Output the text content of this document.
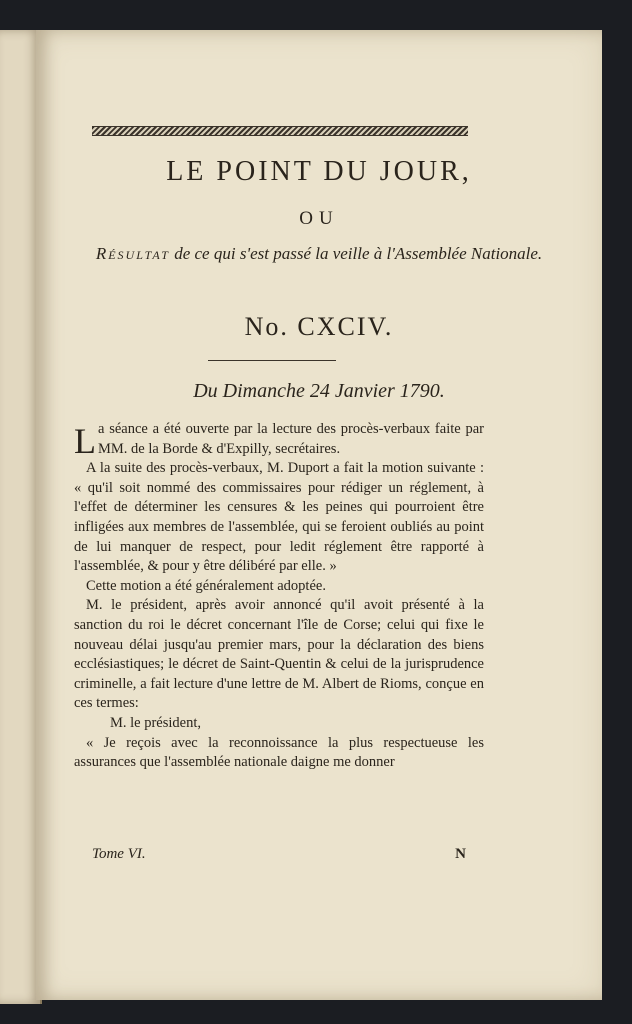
LE POINT DU JOUR,
OU
Résultat de ce qui s'est passé la veille à l'Assemblée Nationale.
No. CXCIV.
Du Dimanche 24 Janvier 1790.

La séance a été ouverte par la lecture des procès-verbaux faite par MM. de la Borde & d'Expilly, secrétaires.

A la suite des procès-verbaux, M. Duport a fait la motion suivante : « qu'il soit nommé des commissaires pour rédiger un réglement, à l'effet de déterminer les censures & les peines qui pourroient être infligées aux membres de l'assemblée, qui se feroient oubliés au point de lui manquer de respect, pour ledit réglement être rapporté à l'assemblée, & pour y être délibéré par elle. »

Cette motion a été généralement adoptée.

M. le président, après avoir annoncé qu'il avoit présenté à la sanction du roi le décret concernant l'île de Corse; celui qui fixe le nouveau délai jusqu'au premier mars, pour la déclaration des biens ecclésiastiques; le décret de Saint-Quentin & celui de la jurisprudence criminelle, a fait lecture d'une lettre de M. Albert de Rioms, conçue en ces termes:

M. le président,

« Je reçois avec la reconnoissance la plus respectueuse les assurances que l'assemblée nationale daigne me donner

Tome VI.	N
